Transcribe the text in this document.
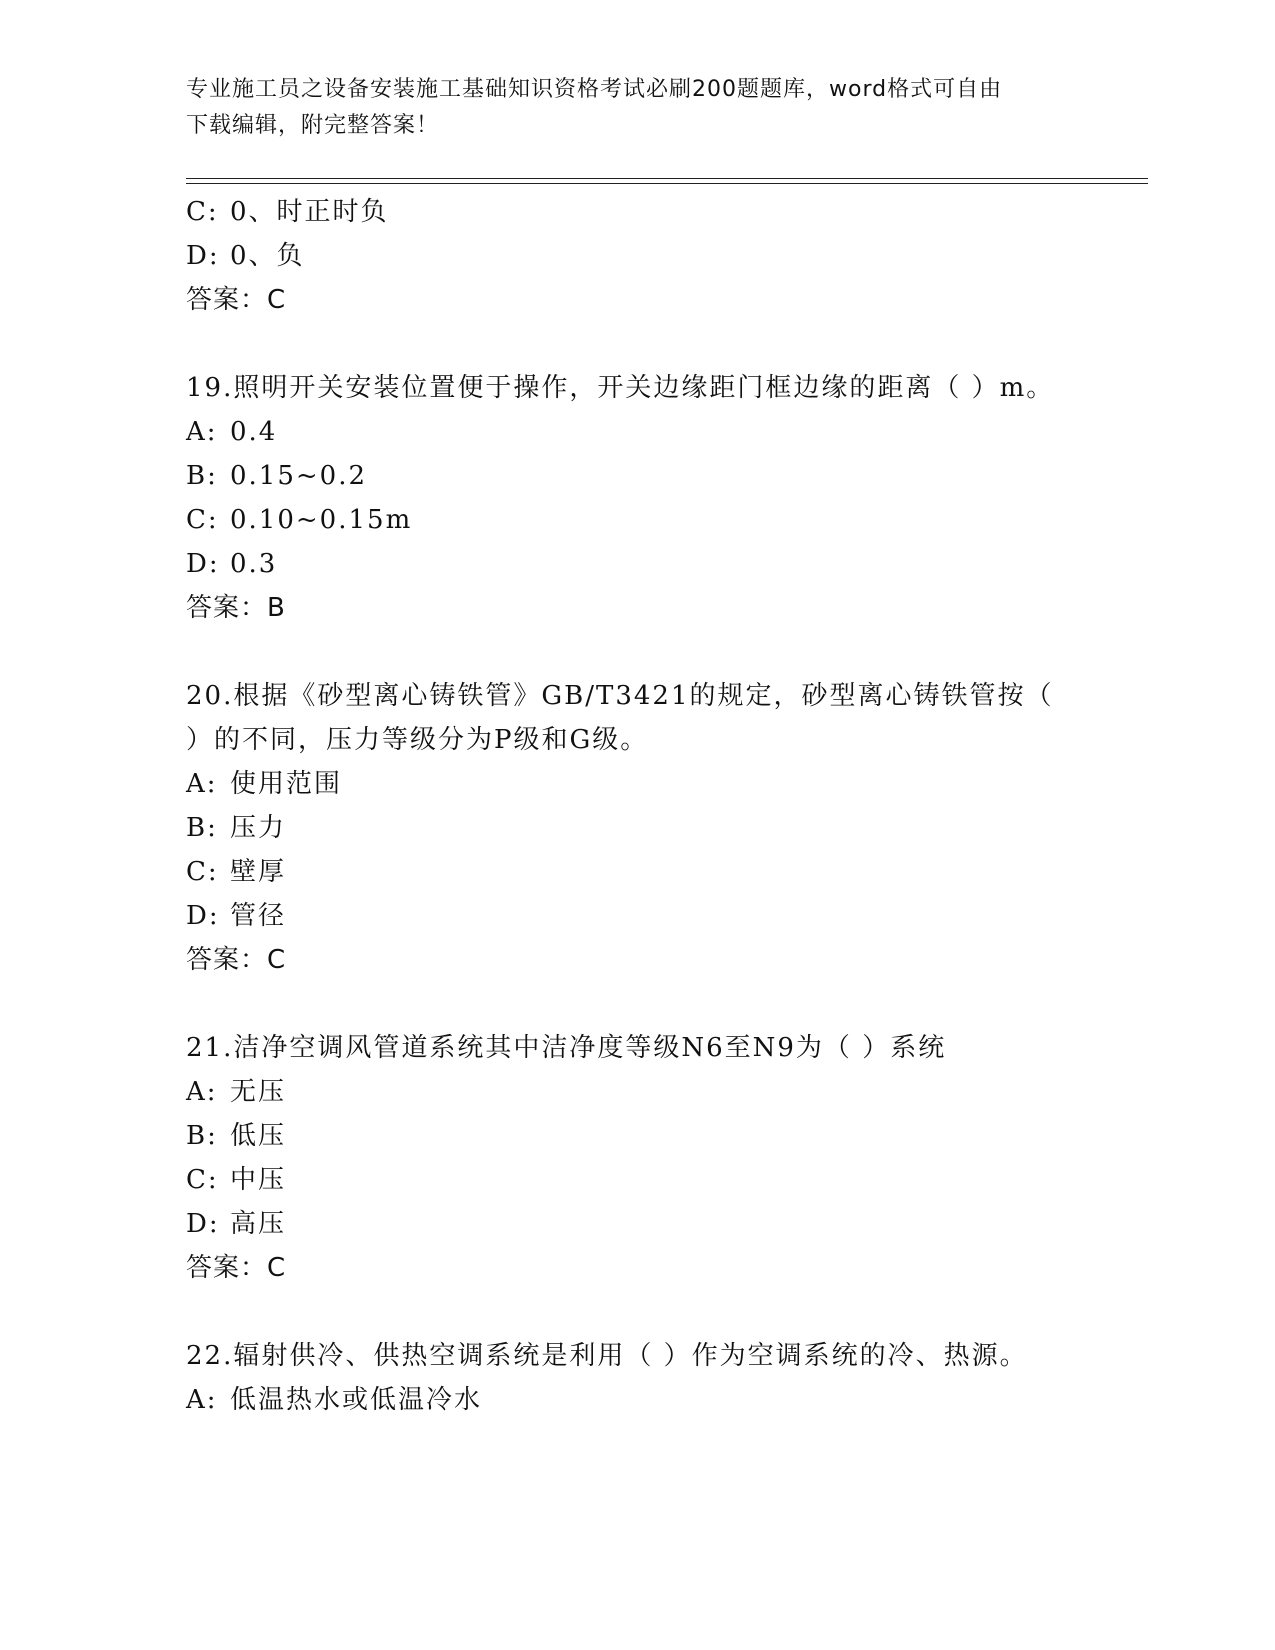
专业施工员之设备安装施工基础知识资格考试必刷200题题库，word格式可自由
下载编辑，附完整答案！
C: 0、时正时负
D: 0、负
答案：C
19.照明开关安装位置便于操作，开关边缘距门框边缘的距离（ ）m。
A: 0.4
B: 0.15~0.2
C: 0.10~0.15m
D: 0.3
答案：B
20.根据《砂型离心铸铁管》GB/T3421的规定，砂型离心铸铁管按（
）的不同，压力等级分为P级和G级。
A: 使用范围
B: 压力
C: 壁厚
D: 管径
答案：C
21.洁净空调风管道系统其中洁净度等级N6至N9为（ ）系统
A: 无压
B: 低压
C: 中压
D: 高压
答案：C
22.辐射供冷、供热空调系统是利用（ ）作为空调系统的冷、热源。
A: 低温热水或低温冷水
